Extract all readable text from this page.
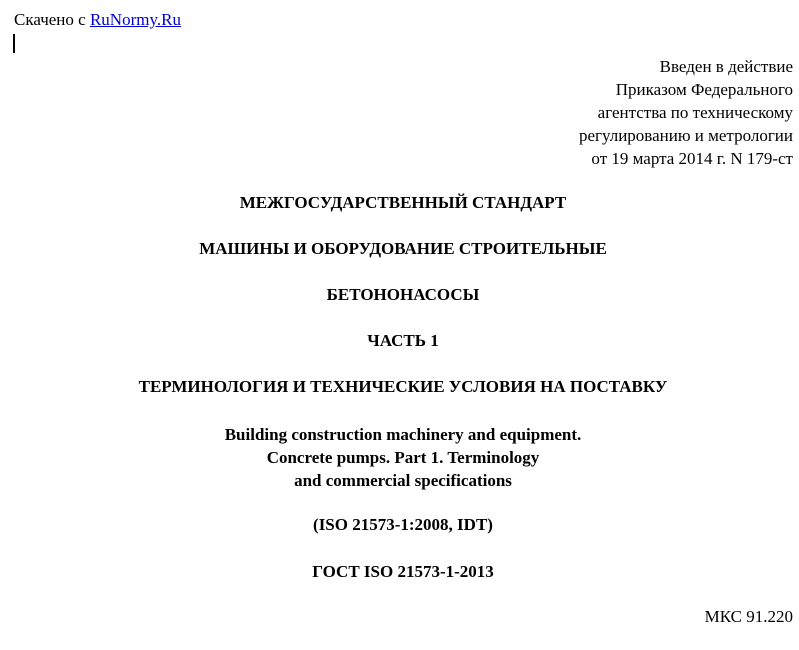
Скачено с RuNormy.Ru
Введен в действие
Приказом Федерального
агентства по техническому
регулированию и метрологии
от 19 марта 2014 г. N 179-ст
МЕЖГОСУДАРСТВЕННЫЙ СТАНДАРТ
МАШИНЫ И ОБОРУДОВАНИЕ СТРОИТЕЛЬНЫЕ
БЕТОНОНАСОСЫ
ЧАСТЬ 1
ТЕРМИНОЛОГИЯ И ТЕХНИЧЕСКИЕ УСЛОВИЯ НА ПОСТАВКУ
Building construction machinery and equipment.
Concrete pumps. Part 1. Terminology
and commercial specifications
(ISO 21573-1:2008, IDT)
ГОСТ ISO 21573-1-2013
МКС 91.220
